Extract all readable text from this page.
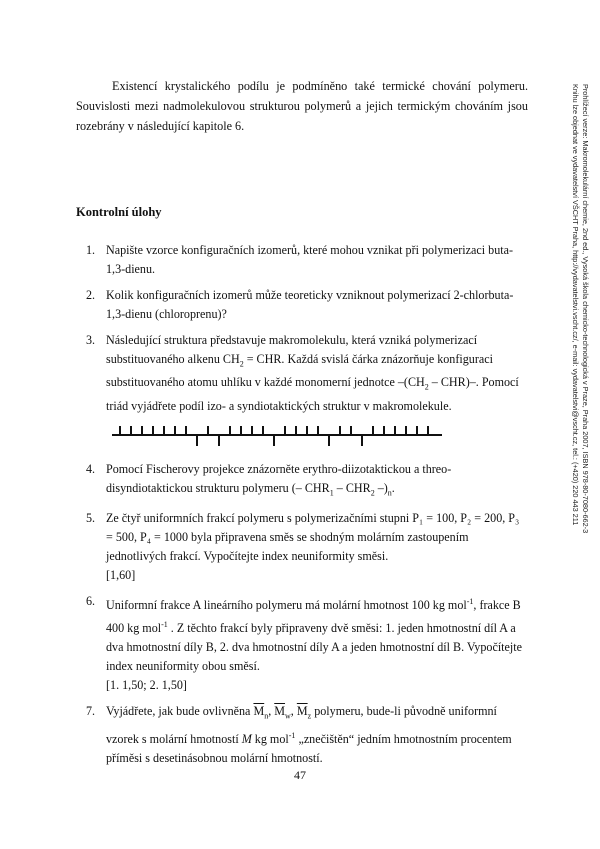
Existencí krystalického podílu je podmíněno také termické chování polymeru. Souvislosti mezi nadmolekulovou strukturou polymerů a jejich termickým chováním jsou rozebrány v následující kapitole 6.

Kontrolní úlohy
1. Napište vzorce konfiguračních izomerů, které mohou vznikat při polymerizaci buta-1,3-dienu.
2. Kolik konfiguračních izomerů může teoreticky vzniknout polymerizací 2-chlorbuta-1,3-dienu (chloroprenu)?
3. Následující struktura představuje makromolekulu, která vzniká polymerizací substituovaného alkenu $CH_2$ = CHR. Každá svislá čárka znázorňuje konfiguraci substituovaného atomu uhlíku v každé monomerní jednotce $-(CH_2 - CHR)-$. Pomocí triád vyjádřete podíl izo- a syndiotaktických struktur v makromolekule.
4. Pomocí Fischerovy projekce znázorněte erythro-diizotaktickou a threo-disyndiotaktickou strukturu polymeru (– $CHR_1 - CHR_2$ $-)_n$.
5. Ze čtyř uniformních frakcí polymeru s polymerizačními stupni P₁ = 100, P₂ = 200, P₃ = 500, P₄ = 1000 byla připravena směs se shodným molárním zastoupením jednotlivých frakcí. Vypočítejte index neuniformity směsi.
[1,60]
6. Uniformní frakce A lineárního polymeru má molární hmotnost 100 kg mol$^{-1}$, frakce B 400 kg mol$^{-1}$ . Z těchto frakcí byly připraveny dvě směsi: 1. jeden hmotnostní díl A a dva hmotnostní díly B, 2. dva hmotnostní díly A a jeden hmotnostní díl B. Vypočítejte index neuniformity obou směsí.
[1. 1,50; 2. 1,50]
7. Vyjádřete, jak bude ovlivněna $\overline{M}_n$, $\overline{M}_w$, $\overline{M}_z$ polymeru, bude-li původně uniformní vzorek s molární hmotností M kg mol$^{-1}$ „znečištěn“ jedním hmotnostním procentem příměsi s desetinásobnou molární hmotností.
47
Prohlížecí verze: Makromolekulární chemie, 2nd ed., Vysoká škola chemicko-technologická v Praze, Praha 2007, ISBN 978-80-7080-662-3
Knihu lze objednat ve vydavatelství VŠCHT Praha, http://vydavatelstvi.vscht.cz/, e-mail: vydavatelstvi@vscht.cz, tel.: (+420) 220 443 211
